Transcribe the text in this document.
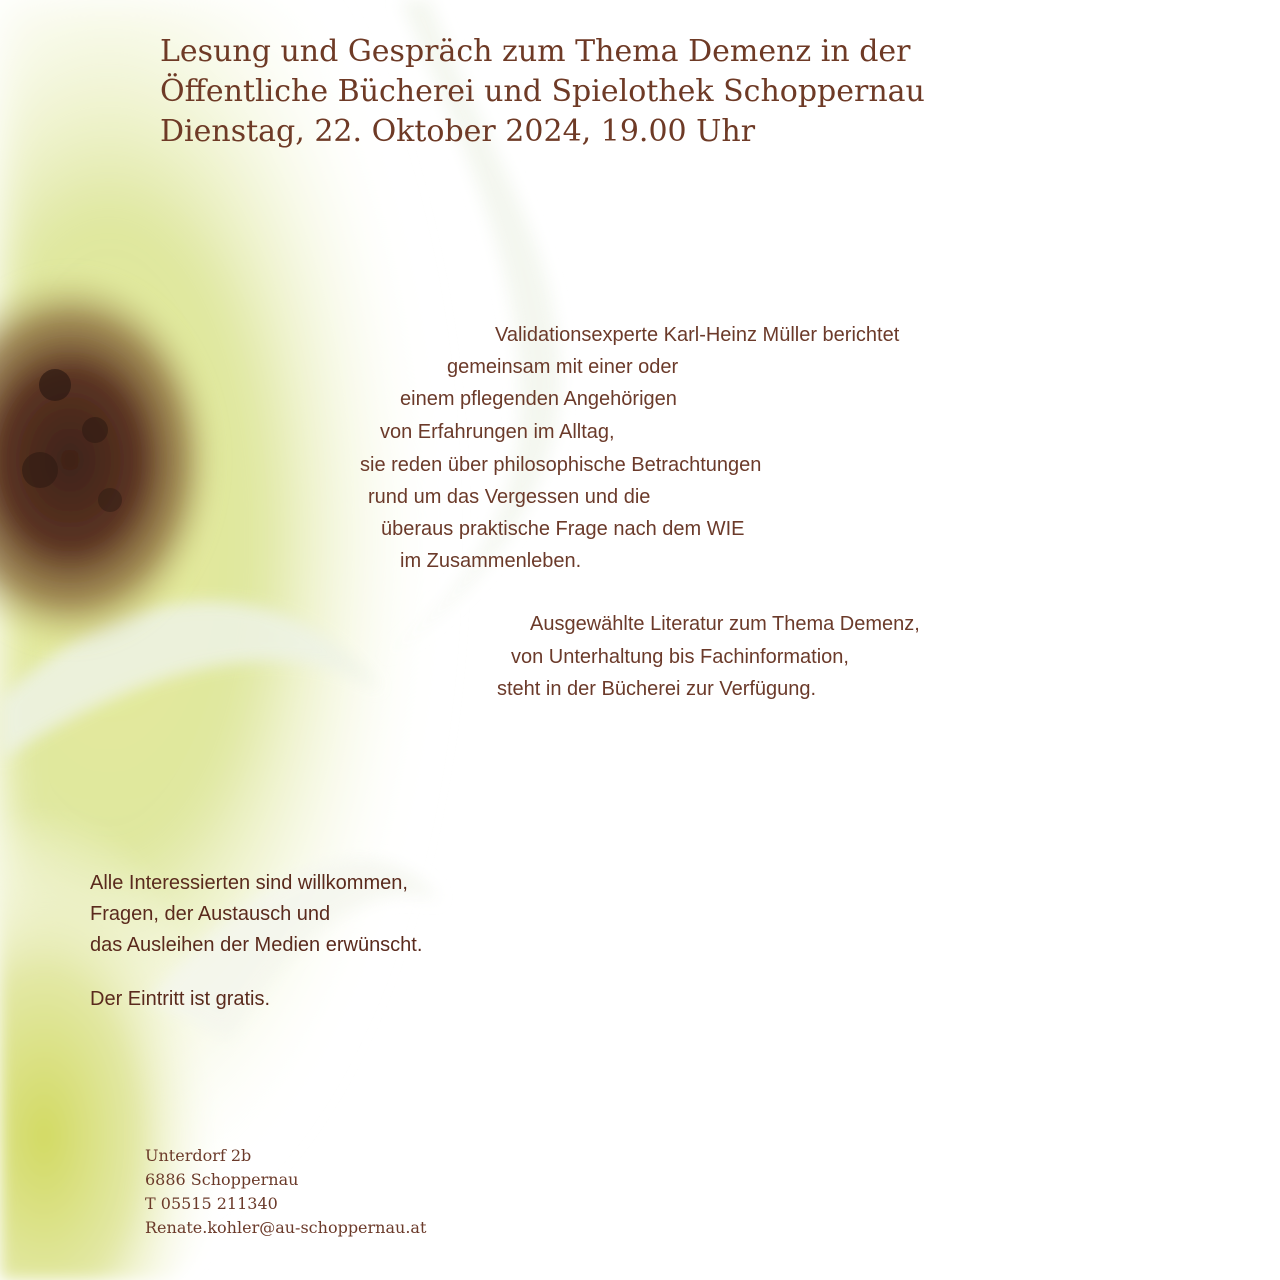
Lesung und Gespräch zum Thema Demenz in der
Öffentliche Bücherei und Spielothek Schoppernau
Dienstag, 22. Oktober 2024, 19.00 Uhr
Validationsexperte Karl-Heinz Müller berichtet
gemeinsam mit einer oder
einem pflegenden Angehörigen
von Erfahrungen im Alltag,
sie reden über philosophische Betrachtungen
rund um das Vergessen und die
überaus praktische Frage nach dem WIE
im Zusammenleben.
Ausgewählte Literatur zum Thema Demenz,
von Unterhaltung bis Fachinformation,
steht in der Bücherei zur Verfügung.
Alle Interessierten sind willkommen,
Fragen, der Austausch und
das Ausleihen der Medien erwünscht.
Der Eintritt ist gratis.
Unterdorf 2b
6886 Schoppernau
T 05515 211340
Renate.kohler@au-schoppernau.at
